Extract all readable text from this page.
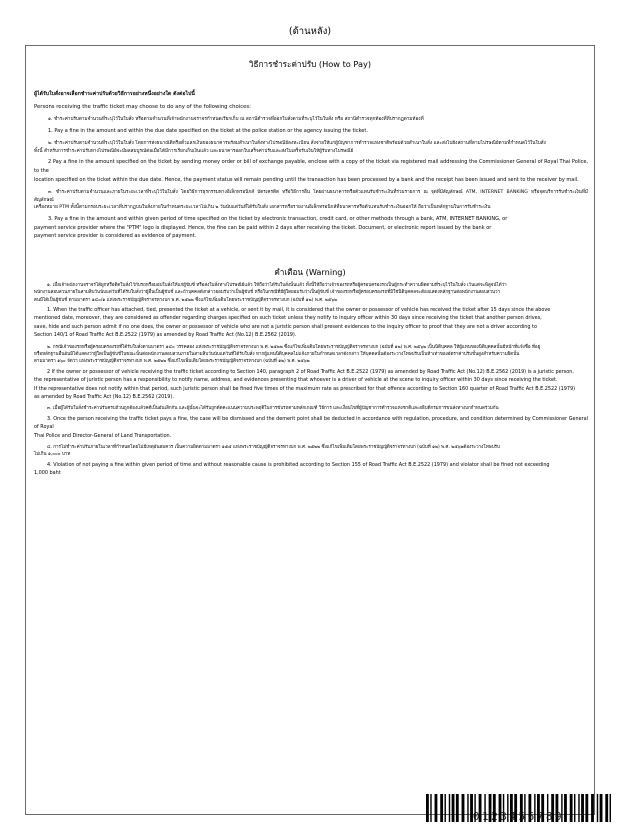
(ด้านหลัง)
วิธีการชำระค่าปรับ (How to Pay)
ผู้ได้รับใบสั่งอาจเลือกชำระค่าปรับด้วยวิธีการอย่างหนึ่งอย่างใด ดังต่อไปนี้
Persons receiving the traffic ticket may choose to do any of the following choices:
๑. ชำระค่าปรับตามจำนวนที่ระบุไว้ในใบสั่ง หรือตามจำนวนที่เจ้าพนักงานจราจรกำหนดเรียกเก็บ ณ สถานีตำรวจที่ออกใบสั่งตามที่ระบุไว้ในใบสั่ง หรือ สถานีตำรวจทุกท้องที่ที่ปรากฏตามท้องที่
1. Pay a fine in the amount and within the due date specified on the ticket at the police station or the agency issuing the ticket.
๒. ชำระค่าปรับตามจำนวนที่ระบุไว้ในใบสั่ง โดยการส่งธนาณัติหรือตั๋วแลกเงินของธนาคารพร้อมสำเนาใบสั่งทางไปรษณีย์ลงทะเบียน สั่งจ่ายให้แก่ผู้บัญชาการตำรวจแห่งชาติพร้อมด้วยสำเนาใบสั่ง และส่งไปยังสถานที่ตามไปรษณีย์ตามที่กำหนดไว้ในใบสั่ง
ทั้งนี้ สำหรับการชำระค่าปรับทางไปรษณีย์จะมีผลสมบูรณ์ต่อเมื่อได้มีการเรียกเก็บเงินแล้ว และธนาคารออกใบเสร็จค่าปรับและส่งใบเสร็จรับเงินให้ผู้รับทางไปรษณีย์
2 Pay a fine in the amount specified on the ticket by sending money order or bill of exchange payable, enclose with a copy of the ticket via registered mail addressing the Commissioner General of Royal Thai Police, to the
location specified on the ticket within the due date. Hence, the payment status will remain pending until the transaction has been processed by a bank and the receipt has been issued and sent to the receiver by mail.
๓. ชำระค่าปรับตามจำนวนและภายในระยะเวลาที่ระบุไว้ในใบสั่ง โดยวิธีการธุรกรรมทางอิเล็กทรอนิกส์ บัตรเครดิต หรือวิธีการอื่น โดยผ่านธนาคารหรือตัวแทนรับชำระเงินที่ร่วมรายการ ณ จุดที่มีสัญลักษณ์ ATM, INTERNET BANKING หรือจุดบริการรับชำระเงินที่มีสัญลักษณ์
เครื่องหมาย PTM ทั้งนี้ตามกรอบระยะเวลาที่ปรากฏบนใบสั่งภายในกำหนดระยะเวลาไม่เกิน ๒ วันนับแต่วันที่ได้รับใบสั่ง เอกสารหรือรายงานอิเล็กทรอนิกส์ที่ธนาคารหรือตัวแทนรับชำระเงินออกให้ ถือว่าเป็นหลักฐานในการรับชำระเงิน
3. Pay a fine in the amount and within given period of time specified on the ticket by electronic transaction, credit card, or other methods through a bank, ATM, INTERNET BANKING, or
payment service provider where the "PTM" logo is displayed. Hence, the fine can be paid within 2 days after receiving the ticket. Document, or electronic report issued by the bank or
payment service provider is considered as evidence of payment.
คำเตือน (Warning)
๑. เมื่อเจ้าพนักงานจราจรได้ผูกหรือติดใบสั่งไว้กับรถหรือมอบใบสั่งให้แก่ผู้ขับขี่ หรือส่งใบสั่งทางไปรษณีย์แล้ว ให้ถือว่าได้รับใบสั่งนั้นแล้ว ทั้งนี้ให้ถือว่าเจ้าของรถหรือผู้ครอบครองรถเป็นผู้กระทำความผิดตามที่ระบุไว้ในใบสั่ง เว้นแต่จะพิสูจน์ได้ว่า
พนักงานสอบสวนภายในสามสิบวันนับแต่วันที่ได้รับใบสั่งว่าผู้อื่นเป็นผู้ขับขี่ และถ้าบุคคลดังกล่าวยอมรับว่าเป็นผู้ขับขี่ หรือในกรณีที่มีผู้ใดยอมรับว่าเป็นผู้ขับขี่ เจ้าของรถหรือผู้ครอบครองรถที่มิใช่นิติบุคคลจะต้องแสดงหลักฐานต่อพนักงานสอบสวนว่า
ตนมิได้เป็นผู้ขับขี่ ตามมาตรา ๑๔๐/๑ แห่งพระราชบัญญัติจราจรทางบก พ.ศ. ๒๕๒๒ ซึ่งแก้ไขเพิ่มเติมโดยพระราชบัญญัติจราจรทางบก (ฉบับที่ ๑๒) พ.ศ. ๒๕๖๒
1. When the traffic officer has attached, tied, presented the ticket at a vehicle, or sent it by mail, it is considered that the owner or possessor of vehicle has received the ticket after 15 days since the above
mentioned date, moreover, they are considered as offender regarding charges specified on such ticket unless they notify to inquiry officer within 30 days since receiving the ticket that another person drives,
save, hide and such person admit if no one does, the owner or possessor of vehicle who are not a juristic person shall present evidences to the inquiry officer to proof that they are not a driver according to
Section 140/1 of Road Traffic Act B.E.2522 (1979) as amended by Road Traffic Act (No.12) B.E.2562 (2019).
๒. กรณีเจ้าของรถหรือผู้ครอบครองรถที่ได้รับใบสั่งตามมาตรา ๑๔๐ วรรคสอง แห่งพระราชบัญญัติจราจรทางบก พ.ศ. ๒๕๒๒ ซึ่งแก้ไขเพิ่มเติมโดยพระราชบัญญัติจราจรทางบก (ฉบับที่ ๑๒) พ.ศ. ๒๕๖๒ เป็นนิติบุคคล ให้ผู้แทนของนิติบุคคลนั้นมีหน้าที่แจ้งชื่อ ที่อยู่
หรือหลักฐานอื่นอันมิได้แสดงว่าผู้ใดเป็นผู้ขับขี่ในขณะนั้นต่อพนักงานสอบสวนภายในสามสิบวันนับแต่วันที่ได้รับใบสั่ง หากผู้แทนนิติบุคคลไม่แจ้งภายในกำหนดเวลาดังกล่าว ให้บุคคลนั้นต้องระวางโทษปรับเป็นห้าเท่าของอัตราค่าปรับขั้นสูงสำหรับความผิดนั้น
ตามมาตรา ๑๖๐ จัตวา แห่งพระราชบัญญัติจราจรทางบก พ.ศ. ๒๕๒๒ ซึ่งแก้ไขเพิ่มเติมโดยพระราชบัญญัติจราจรทางบก (ฉบับที่ ๑๒) พ.ศ. ๒๕๖๒
2 If the owner or possessor of vehicle receiving the traffic ticket according to Section 140, paragraph 2 of Road Traffic Act B.E.2522 (1979) as amended by Road Traffic Act (No.12) B.E.2562 (2019) is a juristic person,
the representative of juristic person has a responsibility to notify name, address, and evidences presenting that whoever is a driver of vehicle at the scene to inquiry officer within 30 days since receiving the ticket.
If the representative does not notify within that period, such juristic person shall be fined five times of the maximum rate as prescribed for that offence according to Section 160 quarter of Road Traffic Act B.E.2522 (1979)
as amended by Road Traffic Act (No.12) B.E.2562 (2019).
๓. เมื่อผู้ได้รับใบสั่งชำระค่าปรับครบถ้วนถูกต้องแล้วคดีเป็นอันเลิกกัน และผู้นั้นจะได้รับถูกตัดคะแนนความประพฤติในการขับรถตามหลักเกณฑ์ วิธีการ และเงื่อนไขที่ผู้บัญชาการตำรวจแห่งชาติและอธิบดีกรมการขนส่งทางบกกำหนดร่วมกัน
3. Once the person receiving the traffic ticket pays a fine, the case will be dismissed and the demerit point shall be deducted in accordance with regulation, procedure, and condition determined by Commissioner General of Royal
Thai Police and Director-General of Land Transportation.
๔. การไม่ชำระค่าปรับภายในเวลาที่กำหนดโดยไม่มีเหตุอันสมควร เป็นความผิดตามมาตรา ๑๕๕ แห่งพระราชบัญญัติจราจรทางบก พ.ศ. ๒๕๒๒ ซึ่งแก้ไขเพิ่มเติมโดยพระราชบัญญัติจราจรทางบก (ฉบับที่ ๑๒) พ.ศ. ๒๕๖๒ต้องระวางโทษปรับ
ไม่เกิน ๑,๐๐๐ บาท
4. Violation of not paying a fine within given period of time and without reasonable cause is prohibited according to Section 155 of Road Traffic Act B.E.2522 (1979) and violator shall be fined not exceeding
1,000 baht
0123456789
